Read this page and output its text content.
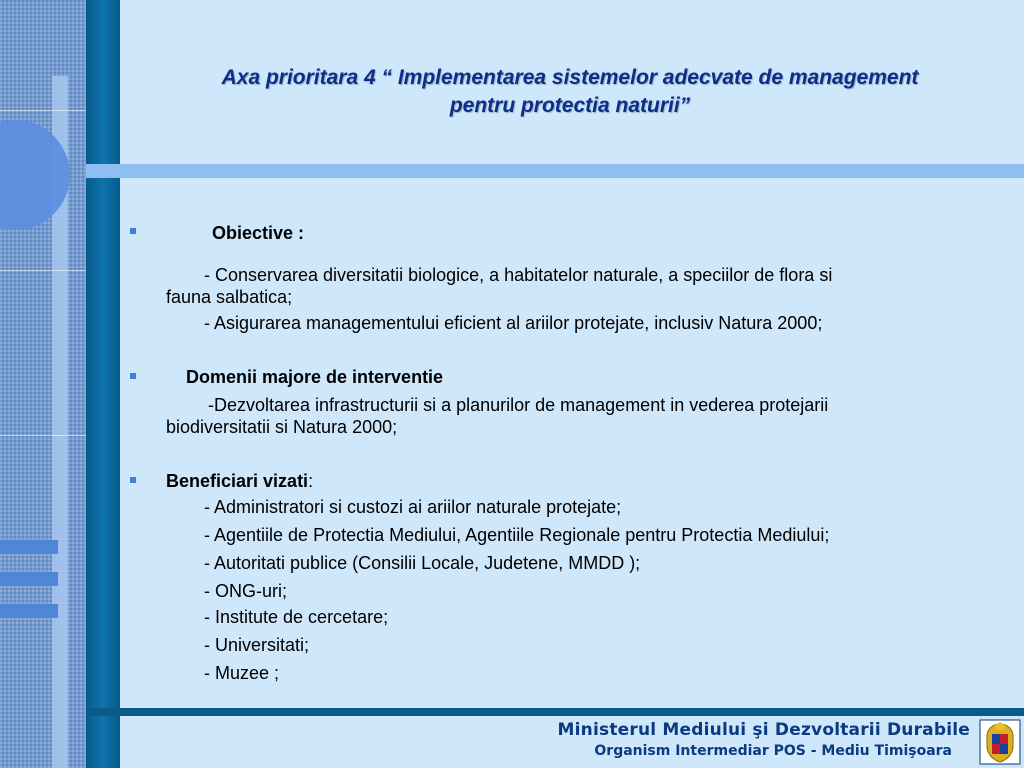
Axa prioritara 4 “ Implementarea sistemelor adecvate de management
pentru protectia naturii”
Obiective :
- Conservarea diversitatii biologice, a habitatelor naturale, a speciilor de flora si
fauna salbatica;
- Asigurarea managementului eficient al ariilor protejate, inclusiv Natura 2000;
Domenii majore de interventie
-Dezvoltarea infrastructurii si a planurilor de management in vederea protejarii
biodiversitatii si Natura 2000;
Beneficiari vizati:
- Administratori si custozi ai ariilor naturale protejate;
- Agentiile de Protectia Mediului, Agentiile Regionale pentru Protectia Mediului;
- Autoritati publice (Consilii Locale, Judetene, MMDD );
- ONG-uri;
- Institute de cercetare;
- Universitati;
- Muzee ;
Ministerul Mediului şi Dezvoltarii Durabile
Organism Intermediar POS - Mediu Timişoara
